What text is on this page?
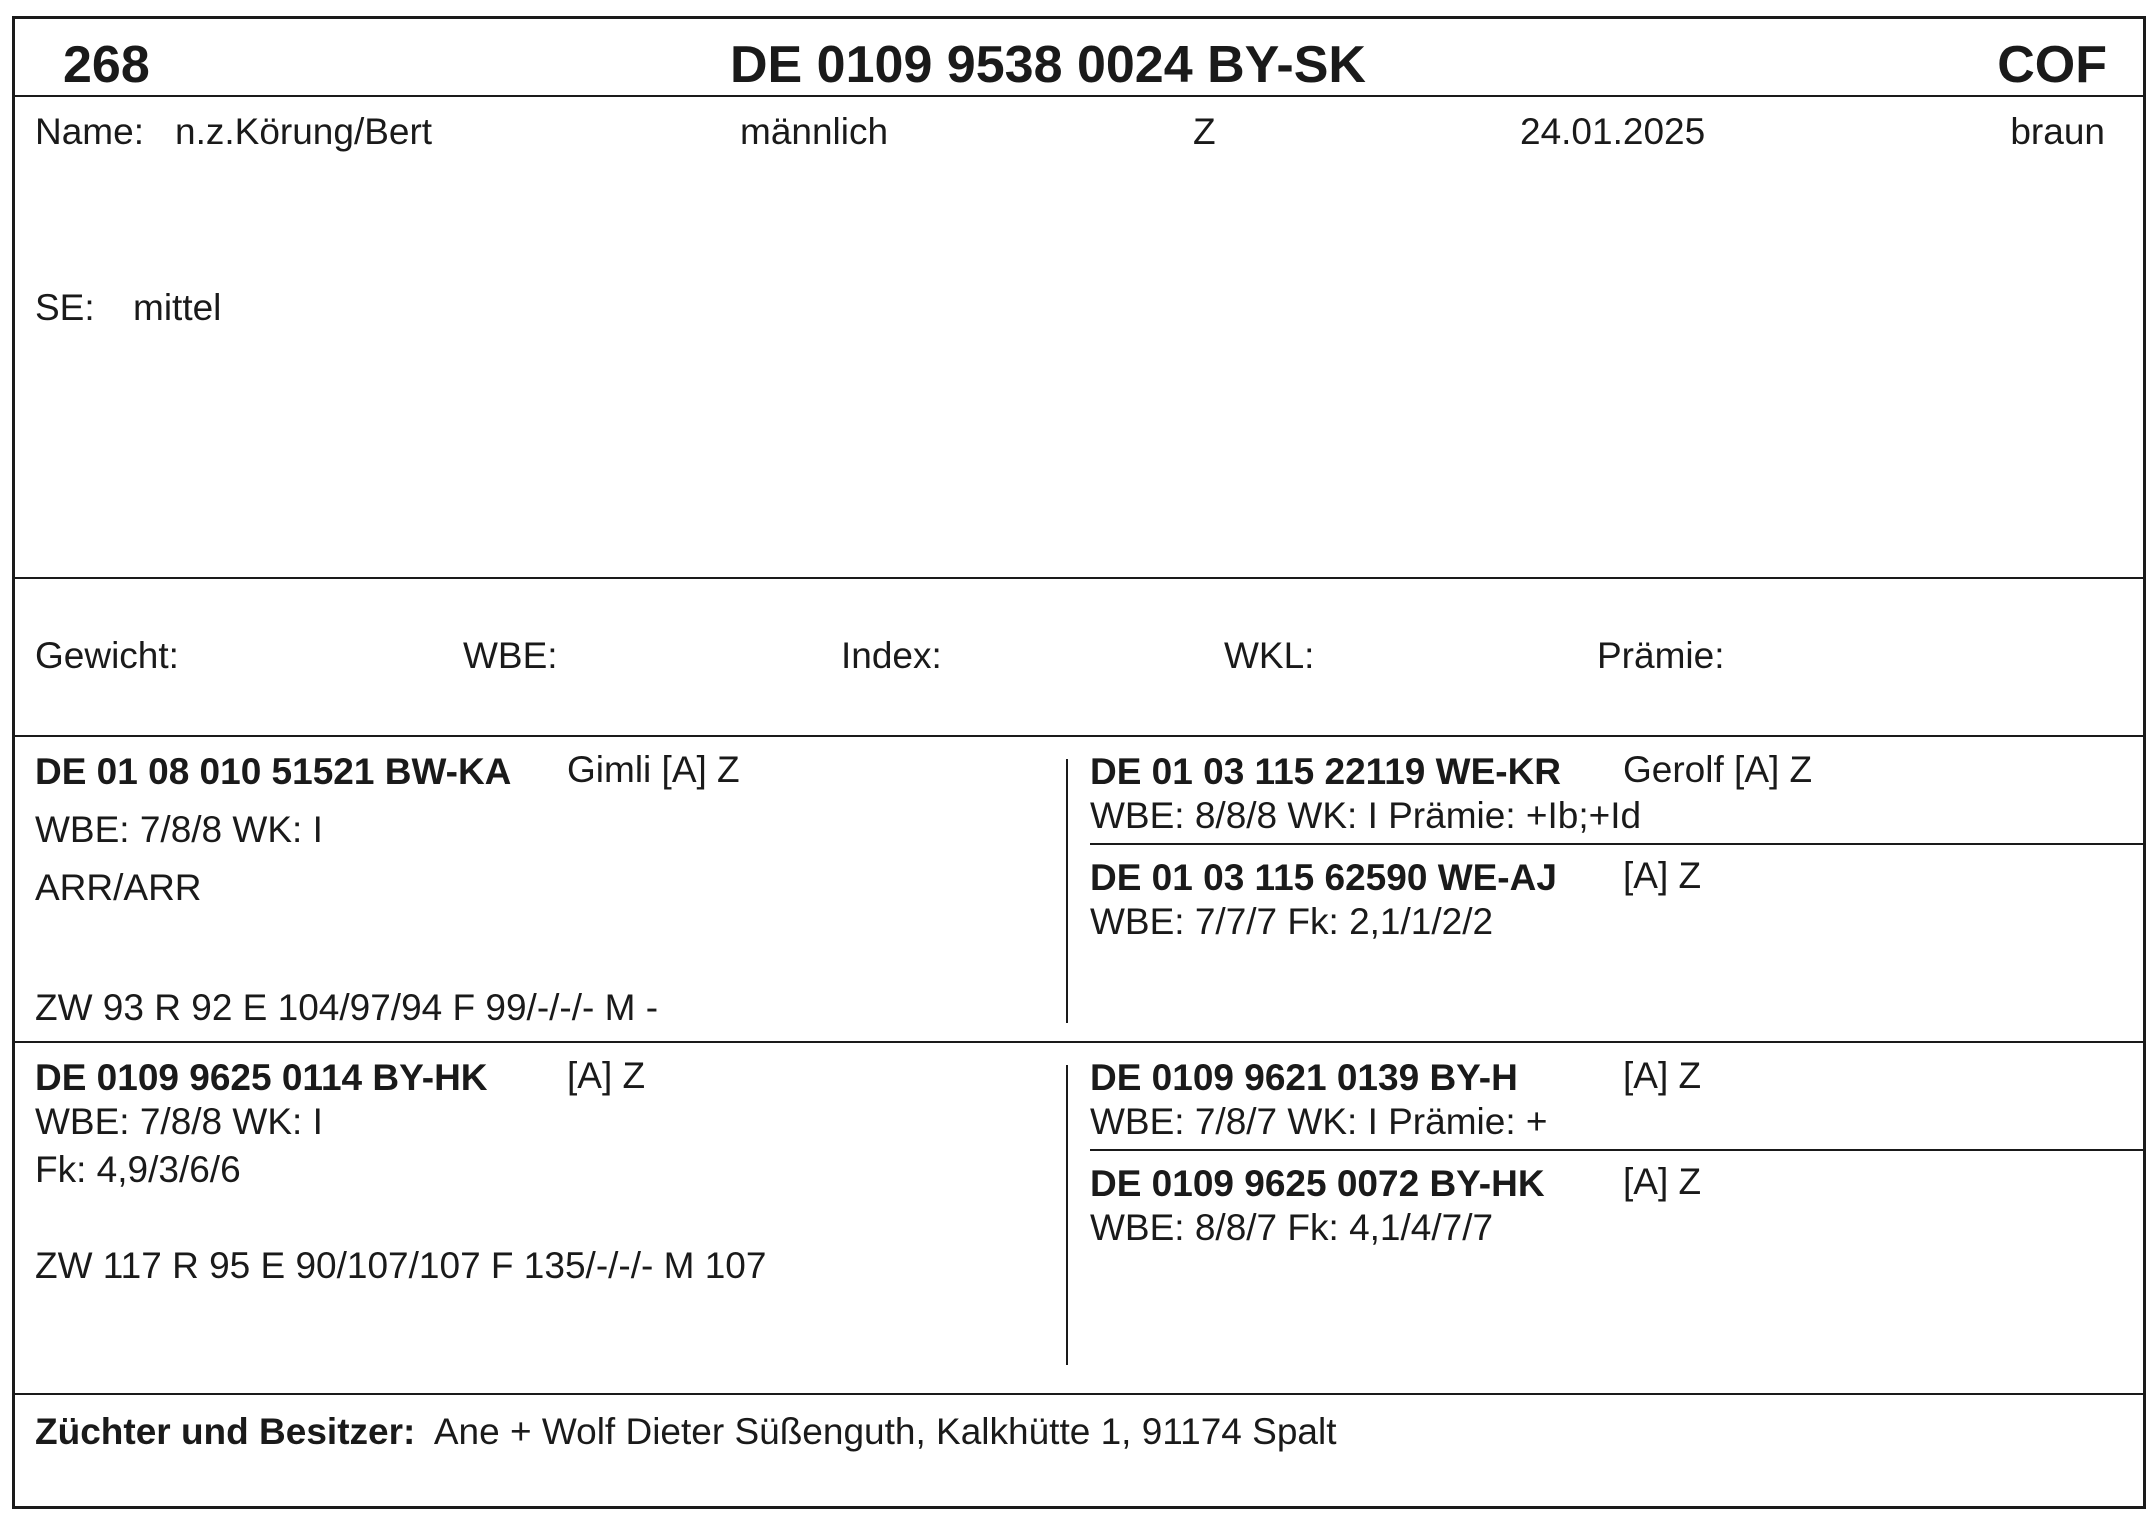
268	DE 0109 9538 0024 BY-SK	COF
Name: n.z.Körung/Bert	männlich	Z	24.01.2025	braun
SE: mittel
Gewicht:	WBE:	Index:	WKL:	Prämie:
DE 01 08 010 51521 BW-KA Gimli [A] Z
WBE: 7/8/8 WK: I
ARR/ARR
ZW 93 R 92 E 104/97/94 F 99/-/-/- M -
DE 01 03 115 22119 WE-KR Gerolf [A] Z
WBE: 8/8/8 WK: I Prämie: +Ib;+Id
DE 01 03 115 62590 WE-AJ [A] Z
WBE: 7/7/7 Fk: 2,1/1/2/2
DE 0109 9625 0114 BY-HK [A] Z
WBE: 7/8/8 WK: I
Fk: 4,9/3/6/6
ZW 117 R 95 E 90/107/107 F 135/-/-/- M 107
DE 0109 9621 0139 BY-H	[A] Z
WBE: 7/8/7 WK: I Prämie: +
DE 0109 9625 0072 BY-HK [A] Z
WBE: 8/8/7 Fk: 4,1/4/7/7
Züchter und Besitzer: Ane + Wolf Dieter Süßenguth, Kalkhütte 1, 91174 Spalt
